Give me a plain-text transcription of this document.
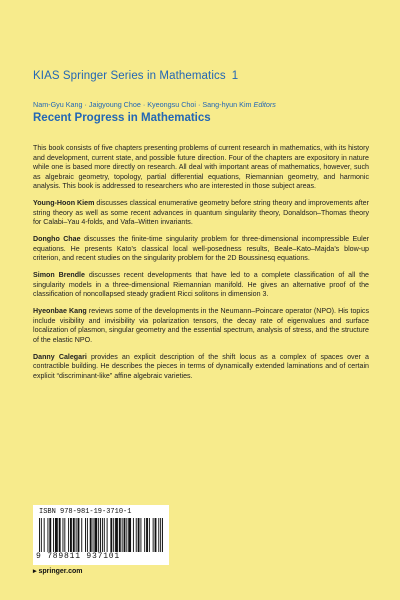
KIAS Springer Series in Mathematics 1
Nam-Gyu Kang · Jaigyoung Choe · Kyeongsu Choi · Sang-hyun Kim Editors
Recent Progress in Mathematics

This book consists of five chapters presenting problems of current research in mathematics, with its history and development, current state, and possible future direction. Four of the chapters are expository in nature while one is based more directly on research. All deal with important areas of mathematics, however, such as algebraic geometry, topology, partial differential equations, Riemannian geometry, and harmonic analysis. This book is addressed to researchers who are interested in those subject areas.

Young-Hoon Kiem discusses classical enumerative geometry before string theory and improvements after string theory as well as some recent advances in quantum singularity theory, Donaldson–Thomas theory for Calabi–Yau 4-folds, and Vafa–Witten invariants.

Dongho Chae discusses the finite-time singularity problem for three-dimensional incompressible Euler equations. He presents Kato’s classical local well-posedness results, Beale–Kato–Majda’s blow-up criterion, and recent studies on the singularity problem for the 2D Boussinesq equations.

Simon Brendle discusses recent developments that have led to a complete classification of all the singularity models in a three-dimensional Riemannian manifold. He gives an alternative proof of the classification of noncollapsed steady gradient Ricci solitons in dimension 3.

Hyeonbae Kang reviews some of the developments in the Neumann–Poincare operator (NPO). His topics include visibility and invisibility via polarization tensors, the decay rate of eigenvalues and surface localization of plasmon, singular geometry and the essential spectrum, analysis of stress, and the structure of the elastic NPO.

Danny Calegari provides an explicit description of the shift locus as a complex of spaces over a contractible building. He describes the pieces in terms of dynamically extended laminations and of certain explicit “discriminant-like” affine algebraic varieties.

ISBN 978-981-19-3710-1
9 789811 937101
▸ springer.com
